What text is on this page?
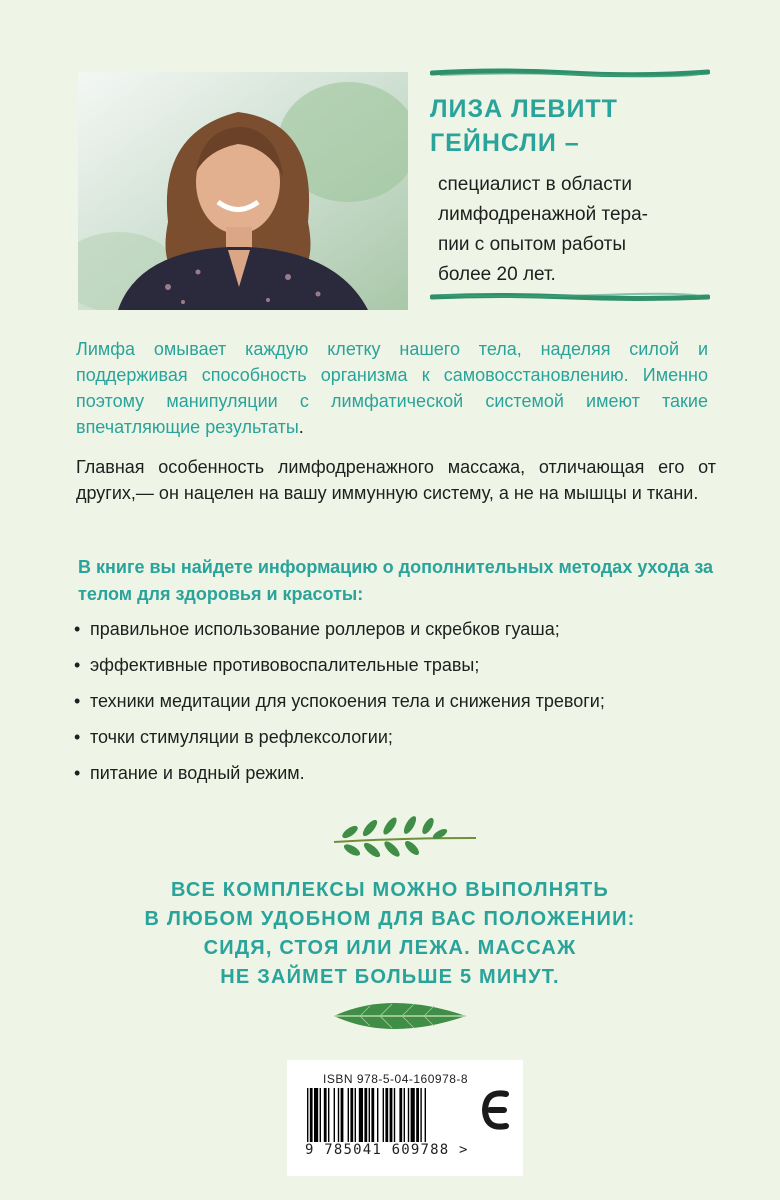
ЛИЗА ЛЕВИТТ
ГЕЙНСЛИ –

специалист в области
лимфодренажной тера-
пии с опытом работы
более 20 лет.

Лимфа омывает каждую клетку нашего тела, наделяя силой и поддерживая способность организма к самовосстановлению. Именно поэтому манипуляции с лимфатической системой имеют такие впечатляющие результаты.

Главная особенность лимфодренажного массажа, отличающая его от других,— он нацелен на вашу иммунную систему, а не на мышцы и ткани.

В книге вы найдете информацию о дополнительных методах ухода за телом для здоровья и красоты:

• правильное использование роллеров и скребков гуаша;
• эффективные противовоспалительные травы;
• техники медитации для успокоения тела и снижения тревоги;
• точки стимуляции в рефлексологии;
• питание и водный режим.
ВСЕ КОМПЛЕКСЫ МОЖНО ВЫПОЛНЯТЬ
В ЛЮБОМ УДОБНОМ ДЛЯ ВАС ПОЛОЖЕНИИ:
СИДЯ, СТОЯ ИЛИ ЛЕЖА. МАССАЖ
НЕ ЗАЙМЕТ БОЛЬШЕ 5 МИНУТ.
ISBN 978-5-04-160978-8
9 785041 609788 >
